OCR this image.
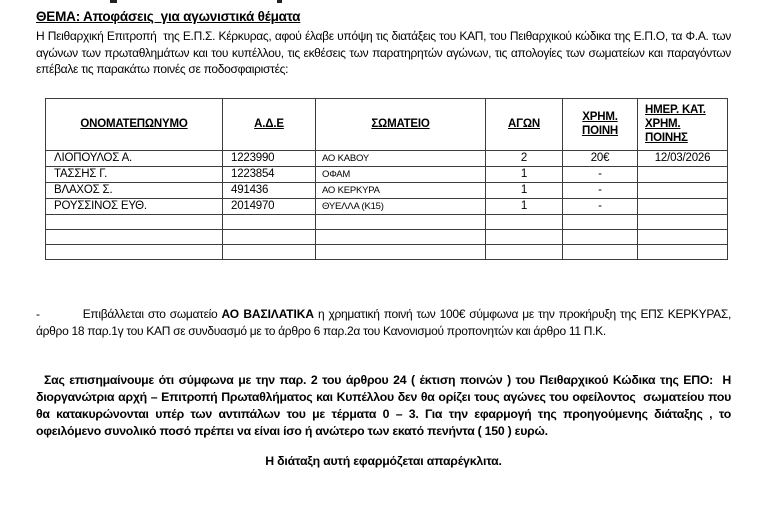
ΘΕΜΑ: Αποφάσεις  για αγωνιστικά θέματα

Η Πειθαρχική Επιτροπή  της Ε.Π.Σ. Κέρκυρας, αφού έλαβε υπόψη τις διατάξεις του ΚΑΠ, του Πειθαρχικού κώδικα της Ε.Π.Ο, τα Φ.Α. των αγώνων των πρωταθλημάτων και του κυπέλλου, τις εκθέσεις των παρατηρητών αγώνων, τις απολογίες των σωματείων και παραγόντων   επέβαλε τις παρακάτω ποινές σε ποδοσφαιριστές:

ΟΝΟΜΑΤΕΠΩΝΥΜΟ	Α.Δ.Ε	ΣΩΜΑΤΕΙΟ	ΑΓΩΝ	ΧΡΗΜ. ΠΟΙΝΗ	ΗΜΕΡ. ΚΑΤ. ΧΡΗΜ. ΠΟΙΝΗΣ
ΛΙΟΠΟΥΛΟΣ Α.	1223990	ΑΟ ΚΑΒΟΥ	2	20€	12/03/2026
ΤΑΣΣΗΣ Γ.	1223854	ΟΦΑΜ	1	-	
ΒΛΑΧΟΣ Σ.	491436	ΑΟ ΚΕΡΚΥΡΑ	1	-	
ΡΟΥΣΣΙΝΟΣ ΕΥΘ.	2014970	ΘΥΕΛΛΑ (Κ15)	1	-	

-	Επιβάλλεται στο σωματείο ΑΟ ΒΑΣΙΛΑΤΙΚΑ η χρηματική ποινή των 100€ σύμφωνα με την προκήρυξη της ΕΠΣ ΚΕΡΚΥΡΑΣ, άρθρο 18 παρ.1γ του ΚΑΠ σε συνδυασμό με το άρθρο 6 παρ.2α του Κανονισμού προπονητών και άρθρο 11 Π.Κ.

Σας επισημαίνουμε ότι σύμφωνα με την παρ. 2 του άρθρου 24 ( έκτιση ποινών ) του Πειθαρχικού Κώδικα της ΕΠΟ:  Η διοργανώτρια αρχή – Επιτροπή Πρωταθλήματος και Κυπέλλου δεν θα ορίζει τους αγώνες του οφείλοντος  σωματείου που θα κατακυρώνονται υπέρ των αντιπάλων του με τέρματα 0 – 3. Για την εφαρμογή της προηγούμενης διάταξης , το οφειλόμενο συνολικό ποσό πρέπει να είναι ίσο ή ανώτερο των εκατό πενήντα ( 150 ) ευρώ.

Η διάταξη αυτή εφαρμόζεται απαρέγκλιτα.
